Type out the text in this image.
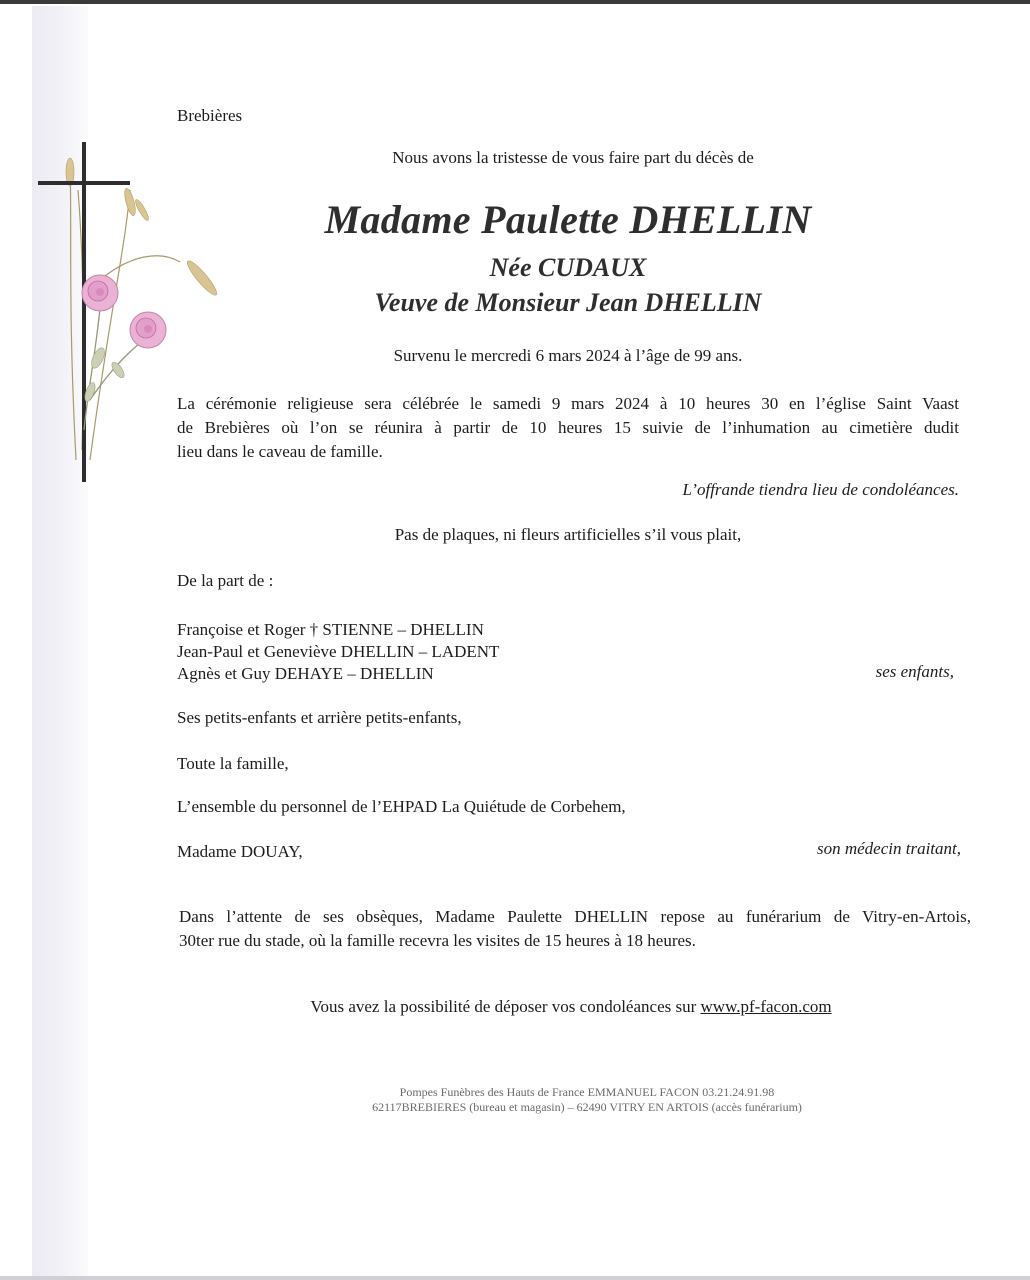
Brebières
Nous avons la tristesse de vous faire part du décès de
Madame Paulette DHELLIN
Née CUDAUX
Veuve de Monsieur Jean DHELLIN
Survenu le mercredi 6 mars 2024 à l’âge de 99 ans.
La cérémonie religieuse sera célébrée le samedi 9 mars 2024 à 10 heures 30 en l’église Saint Vaast
de Brebières où l’on se réunira à partir de 10 heures 15 suivie de l’inhumation au cimetière dudit
lieu dans le caveau de famille.
L’offrande tiendra lieu de condoléances.
Pas de plaques, ni fleurs artificielles s’il vous plait,
De la part de :
Françoise et Roger † STIENNE – DHELLIN
Jean-Paul et Geneviève DHELLIN – LADENT
Agnès et Guy DEHAYE – DHELLIN	ses enfants,
Ses petits-enfants et arrière petits-enfants,
Toute la famille,
L’ensemble du personnel de l’EHPAD La Quiétude de Corbehem,
Madame DOUAY,	son médecin traitant,
Dans l’attente de ses obsèques, Madame Paulette DHELLIN repose au funérarium de Vitry-en-Artois,
30ter rue du stade, où la famille recevra les visites de 15 heures à 18 heures.
Vous avez la possibilité de déposer vos condoléances sur www.pf-facon.com
Pompes Funèbres des Hauts de France EMMANUEL FACON 03.21.24.91.98
62117BREBIERES (bureau et magasin) – 62490 VITRY EN ARTOIS (accès funérarium)
